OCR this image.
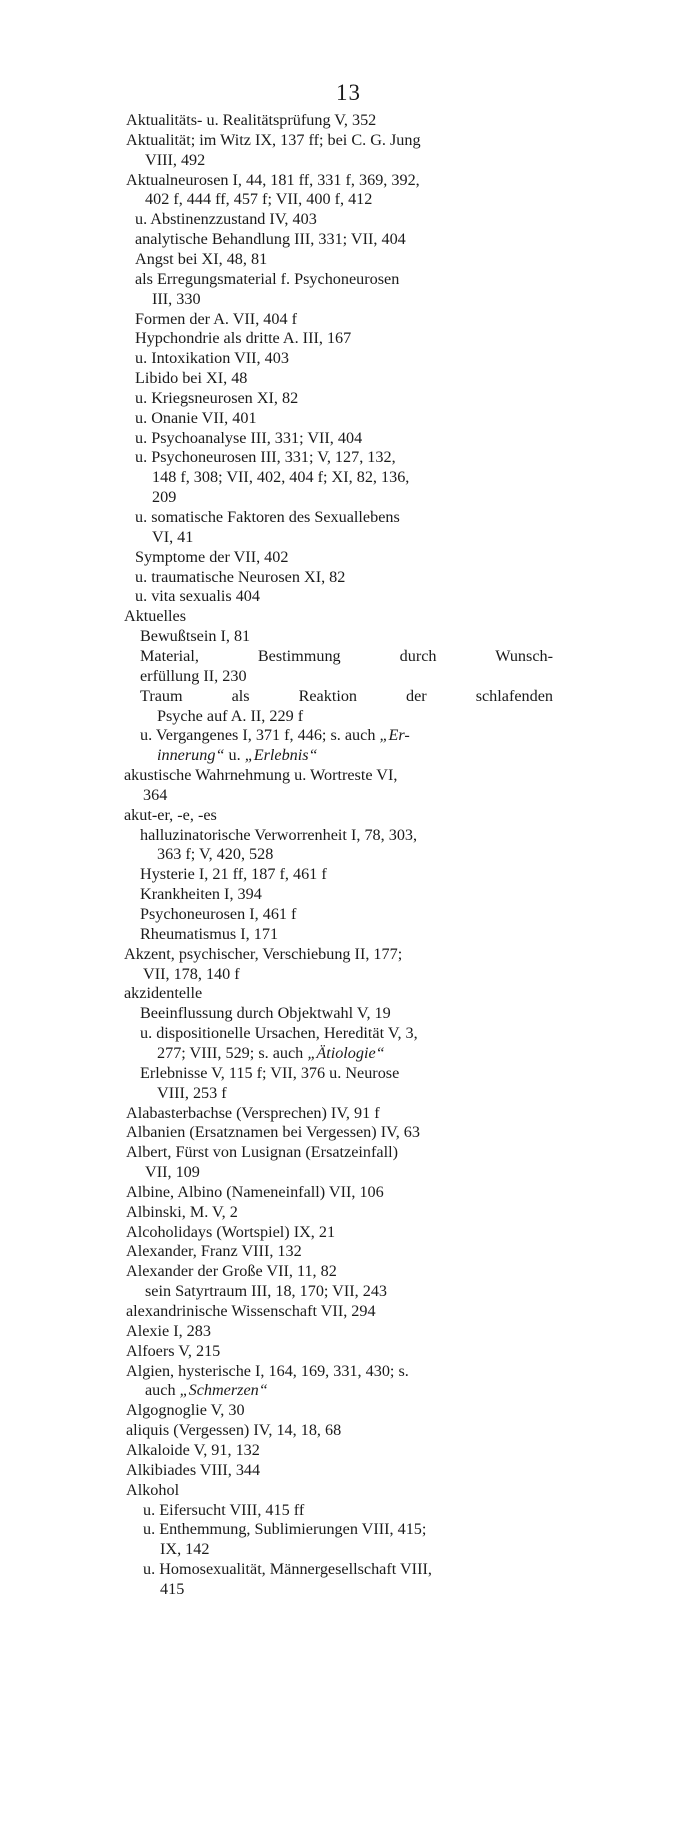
13
Aktualitäts- u. Realitätsprüfung V, 352
Aktualität; im Witz IX, 137 ff; bei C. G. Jung
VIII, 492
Aktualneurosen I, 44, 181 ff, 331 f, 369, 392,
402 f, 444 ff, 457 f; VII, 400 f, 412
u. Abstinenzzustand IV, 403
analytische Behandlung III, 331; VII, 404
Angst bei XI, 48, 81
als Erregungsmaterial f. Psychoneurosen
III, 330
Formen der A. VII, 404 f
Hypchondrie als dritte A. III, 167
u. Intoxikation VII, 403
Libido bei XI, 48
u. Kriegsneurosen XI, 82
u. Onanie VII, 401
u. Psychoanalyse III, 331; VII, 404
u. Psychoneurosen III, 331; V, 127, 132,
148 f, 308; VII, 402, 404 f; XI, 82, 136,
209
u. somatische Faktoren des Sexuallebens
VI, 41
Symptome der VII, 402
u. traumatische Neurosen XI, 82
u. vita sexualis 404
Aktuelles
Bewußtsein I, 81
Material, Bestimmung durch Wunsch-
erfüllung II, 230
Traum als Reaktion der schlafenden
Psyche auf A. II, 229 f
u. Vergangenes I, 371 f, 446; s. auch „Er-
innerung“ u. „Erlebnis“
akustische Wahrnehmung u. Wortreste VI,
364
akut-er, -e, -es
halluzinatorische Verworrenheit I, 78, 303,
363 f; V, 420, 528
Hysterie I, 21 ff, 187 f, 461 f
Krankheiten I, 394
Psychoneurosen I, 461 f
Rheumatismus I, 171
Akzent, psychischer, Verschiebung II, 177;
VII, 178, 140 f
akzidentelle
Beeinflussung durch Objektwahl V, 19
u. dispositionelle Ursachen, Heredität V, 3,
277; VIII, 529; s. auch „Ätiologie“
Erlebnisse V, 115 f; VII, 376 u. Neurose
VIII, 253 f
Alabasterbachse (Versprechen) IV, 91 f
Albanien (Ersatznamen bei Vergessen) IV, 63
Albert, Fürst von Lusignan (Ersatzeinfall)
VII, 109
Albine, Albino (Nameneinfall) VII, 106
Albinski, M. V, 2
Alcoholidays (Wortspiel) IX, 21
Alexander, Franz VIII, 132
Alexander der Große VII, 11, 82
sein Satyrtraum III, 18, 170; VII, 243
alexandrinische Wissenschaft VII, 294
Alexie I, 283
Alfoers V, 215
Algien, hysterische I, 164, 169, 331, 430; s.
auch „Schmerzen“
Algognoglie V, 30
aliquis (Vergessen) IV, 14, 18, 68
Alkaloide V, 91, 132
Alkibiades VIII, 344
Alkohol
u. Eifersucht VIII, 415 ff
u. Enthemmung, Sublimierungen VIII, 415;
IX, 142
u. Homosexualität, Männergesellschaft VIII,
415
